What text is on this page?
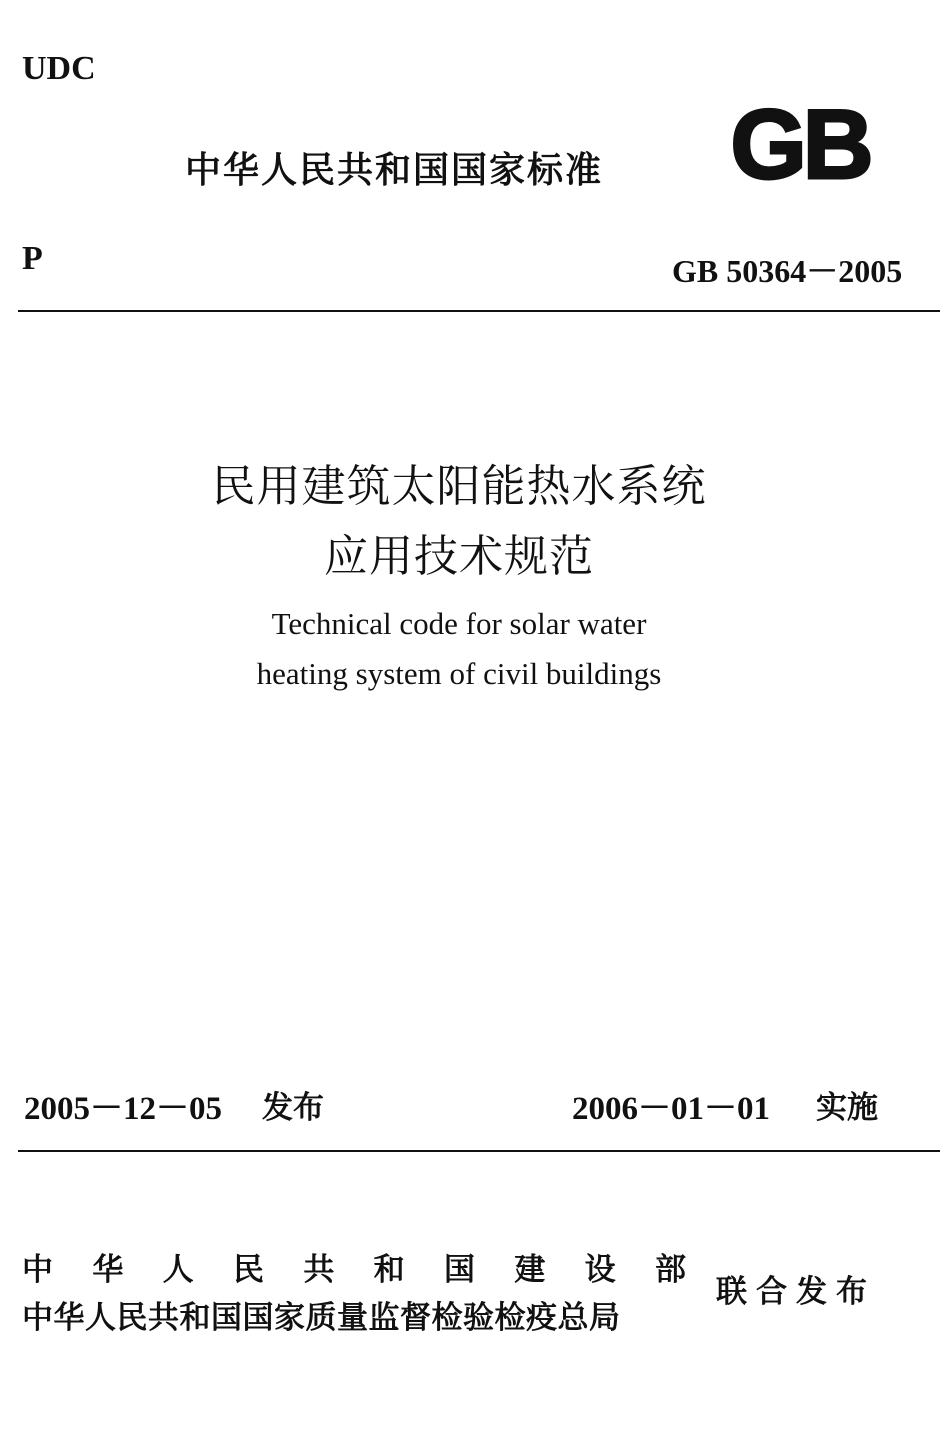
UDC
中华人民共和国国家标准 GB
P	GB 50364－2005
民用建筑太阳能热水系统
应用技术规范
Technical code for solar water
heating system of civil buildings
2005－12－05 发布	2006－01－01 实施
中华人民共和国建设部
中华人民共和国国家质量监督检验检疫总局
联合发布
